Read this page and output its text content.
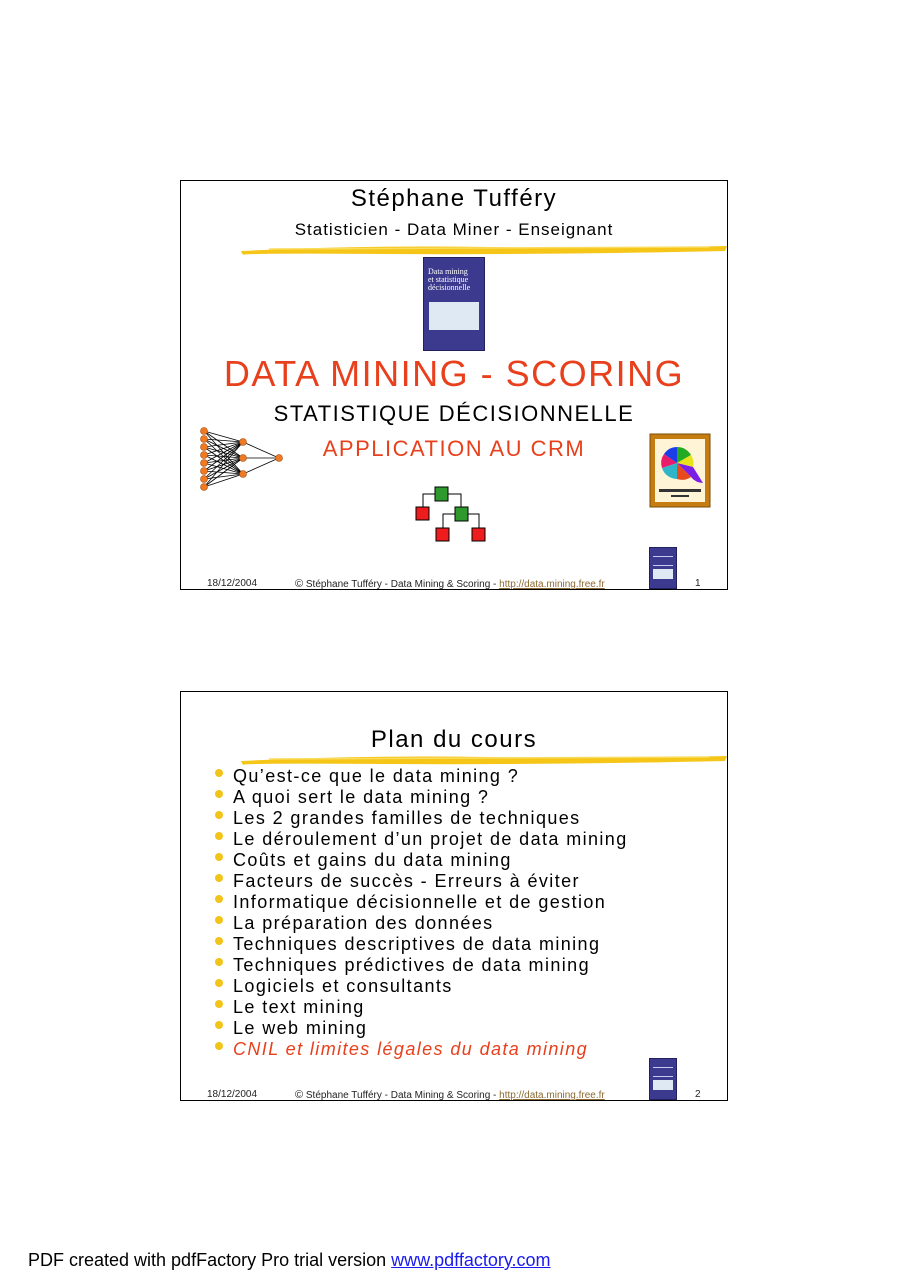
Stéphane Tufféry
Statisticien - Data Miner - Enseignant
Data mining
et statistique
décisionnelle
DATA MINING - SCORING
STATISTIQUE DÉCISIONNELLE
APPLICATION AU CRM
18/12/2004	© Stéphane Tufféry - Data Mining & Scoring - http://data.mining.free.fr	1
Plan du cours
Qu’est-ce que le data mining ?
A quoi sert le data mining ?
Les 2 grandes familles de techniques
Le déroulement d’un projet de data mining
Coûts et gains du data mining
Facteurs de succès - Erreurs à éviter
Informatique décisionnelle et de gestion
La préparation des données
Techniques descriptives de data mining
Techniques prédictives de data mining
Logiciels et consultants
Le text mining
Le web mining
CNIL et limites légales du data mining
18/12/2004	© Stéphane Tufféry - Data Mining & Scoring - http://data.mining.free.fr	2
PDF created with pdfFactory Pro trial version www.pdffactory.com
